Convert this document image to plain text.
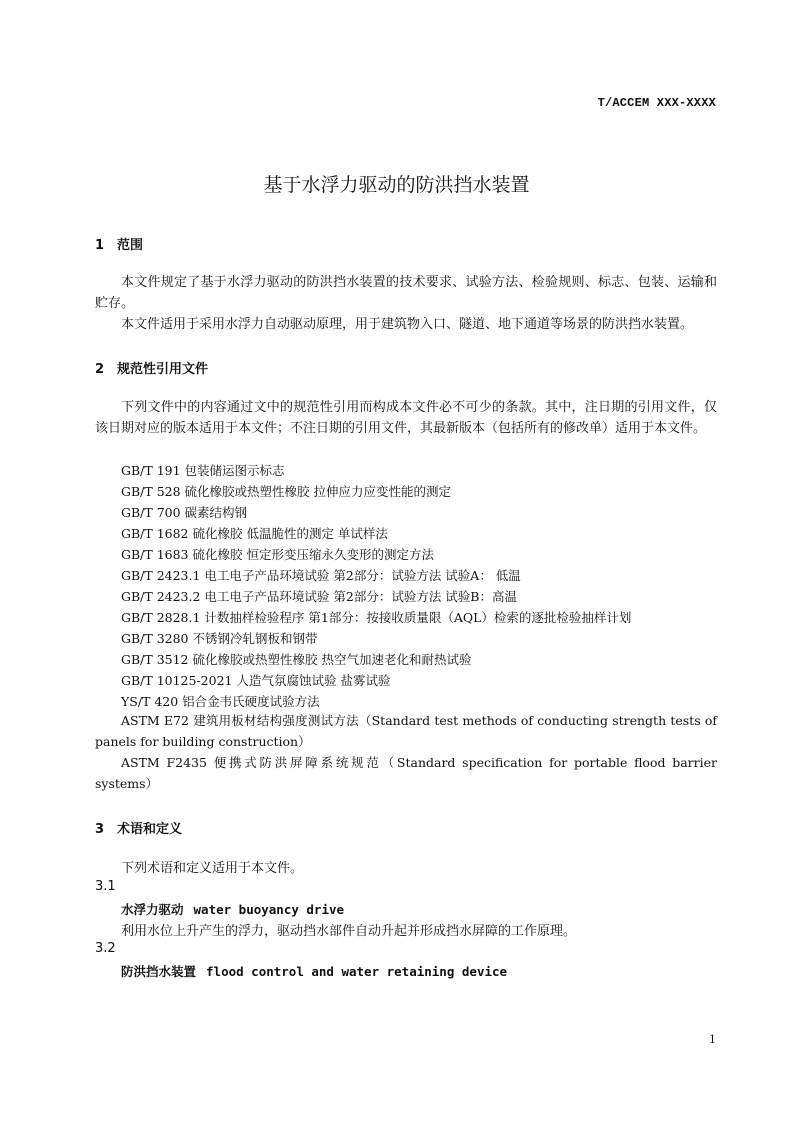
T/ACCEM XXX-XXXX
基于水浮力驱动的防洪挡水装置
1 范围

本文件规定了基于水浮力驱动的防洪挡水装置的技术要求、试验方法、检验规则、标志、包装、运输和贮存。

本文件适用于采用水浮力自动驱动原理，用于建筑物入口、隧道、地下通道等场景的防洪挡水装置。

2 规范性引用文件

下列文件中的内容通过文中的规范性引用而构成本文件必不可少的条款。其中，注日期的引用文件，仅该日期对应的版本适用于本文件；不注日期的引用文件，其最新版本（包括所有的修改单）适用于本文件。

GB/T 191 包装储运图示标志
GB/T 528 硫化橡胶或热塑性橡胶 拉伸应力应变性能的测定
GB/T 700 碳素结构钢
GB/T 1682 硫化橡胶 低温脆性的测定 单试样法
GB/T 1683 硫化橡胶 恒定形变压缩永久变形的测定方法
GB/T 2423.1 电工电子产品环境试验 第2部分：试验方法 试验A： 低温
GB/T 2423.2 电工电子产品环境试验 第2部分：试验方法 试验B：高温
GB/T 2828.1 计数抽样检验程序 第1部分：按接收质量限（AQL）检索的逐批检验抽样计划
GB/T 3280 不锈钢冷轧钢板和钢带
GB/T 3512 硫化橡胶或热塑性橡胶 热空气加速老化和耐热试验
GB/T 10125-2021 人造气氛腐蚀试验 盐雾试验
YS/T 420 铝合金韦氏硬度试验方法

ASTM E72 建筑用板材结构强度测试方法（Standard test methods of conducting strength tests of panels for building construction）

ASTM F2435 便携式防洪屏障系统规范（Standard specification for portable flood barrier systems）

3 术语和定义
下列术语和定义适用于本文件。
3.1
水浮力驱动 water buoyancy drive
利用水位上升产生的浮力，驱动挡水部件自动升起并形成挡水屏障的工作原理。
3.2
防洪挡水装置 flood control and water retaining device
1
